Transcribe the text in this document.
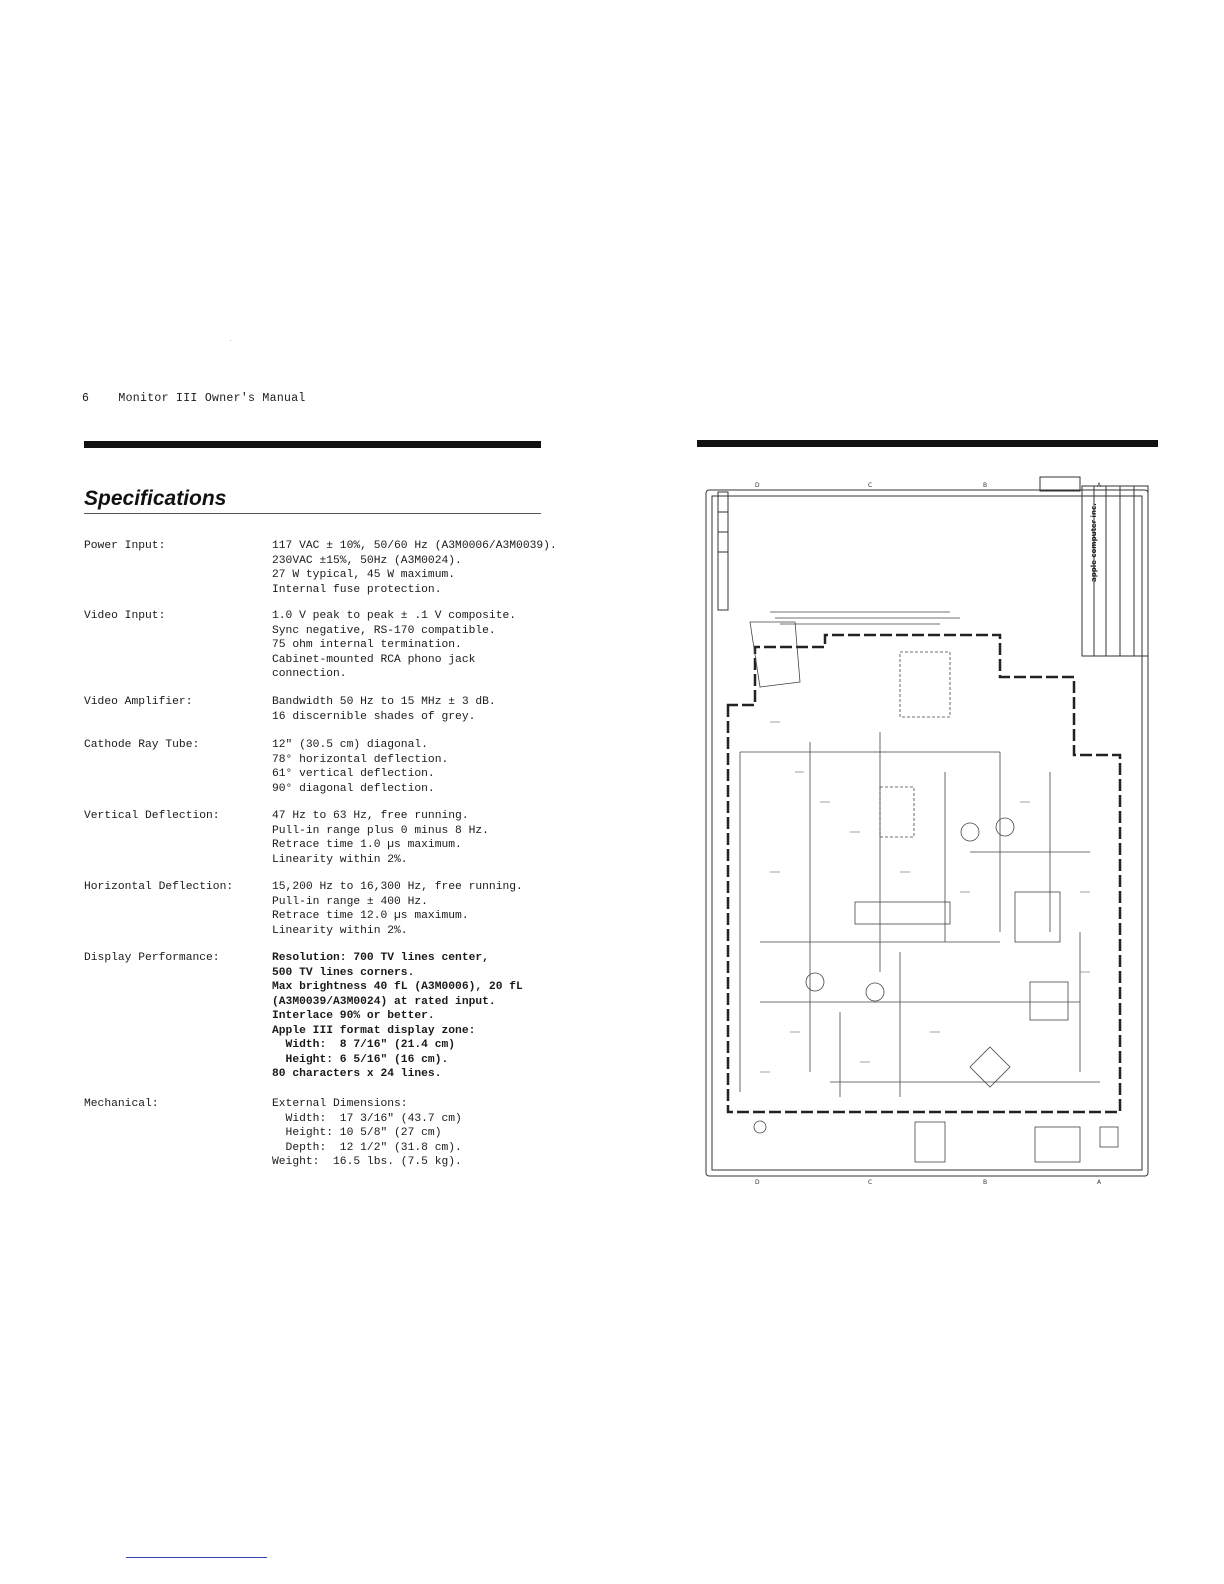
6	Monitor III Owner's Manual
Specifications
Power Input:	117 VAC ± 10%, 50/60 Hz (A3M0006/A3M0039).
230VAC ±15%, 50Hz (A3M0024).
27 W typical, 45 W maximum.
Internal fuse protection.
Video Input:	1.0 V peak to peak ± .1 V composite.
Sync negative, RS-170 compatible.
75 ohm internal termination.
Cabinet-mounted RCA phono jack
connection.
Video Amplifier:	Bandwidth 50 Hz to 15 MHz ± 3 dB.
16 discernible shades of grey.
Cathode Ray Tube:	12" (30.5 cm) diagonal.
78° horizontal deflection.
61° vertical deflection.
90° diagonal deflection.
Vertical Deflection:	47 Hz to 63 Hz, free running.
Pull-in range plus 0 minus 8 Hz.
Retrace time 1.0 µs maximum.
Linearity within 2%.
Horizontal Deflection:	15,200 Hz to 16,300 Hz, free running.
Pull-in range ± 400 Hz.
Retrace time 12.0 µs maximum.
Linearity within 2%.
Display Performance:	Resolution: 700 TV lines center,
500 TV lines corners.
Max brightness 40 fL (A3M0006), 20 fL
(A3M0039/A3M0024) at rated input.
Interlace 90% or better.
Apple III format display zone:
Width:  8 7/16" (21.4 cm)
Height: 6 5/16" (16 cm).
80 characters x 24 lines.
Mechanical:	External Dimensions:
Width:  17 3/16" (43.7 cm)
Height: 10 5/8" (27 cm)
Depth:  12 1/2" (31.8 cm).
Weight:  16.5 lbs. (7.5 kg).
D	C	B	A
D	C	B	A
apple computer inc.
